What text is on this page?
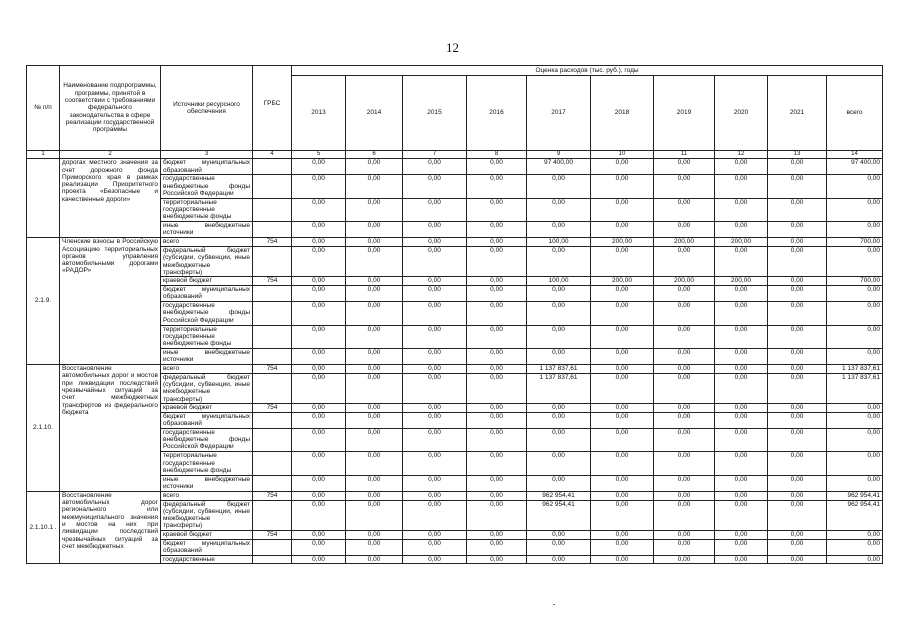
12
№ п/п	Наименование подпрограммы, программы, принятой в соответствии с требованиями федерального законодательства в сфере реализации государственной программы	Источники ресурсного обеспечения	ГРБС	Оценка расходов (тыс. руб.), годы									
				2013	2014	2015	2016	2017	2018	2019	2020	2021	всего
1	2	3	4	5	6	7	8	9	10	11	12	13	14
	дорогах местного значения за счет дорожного фонда Приморского края в рамках реализации Приоритетного проекта «Безопасные и качественные дороги»	бюджет муниципальных образований		0,00	0,00	0,00	0,00	97 400,00	0,00	0,00	0,00	0,00	97 400,00
		государственные внебюджетные фонды Российской Федерации		0,00	0,00	0,00	0,00	0,00	0,00	0,00	0,00	0,00	0,00
		территориальные государственные внебюджетные фонды		0,00	0,00	0,00	0,00	0,00	0,00	0,00	0,00	0,00	0,00
		иные внебюджетные источники		0,00	0,00	0,00	0,00	0,00	0,00	0,00	0,00	0,00	0,00
2.1.9.	Членские взносы в Российскую Ассоциацию территориальных органов управления автомобильными дорогами «РАДОР»	всего	754	0,00	0,00	0,00	0,00	100,00	200,00	200,00	200,00	0,00	700,00
		федеральный бюджет (субсидии, субвенции, иные межбюджетные трансферты)		0,00	0,00	0,00	0,00	0,00	0,00	0,00	0,00	0,00	0,00
		краевой бюджет	754	0,00	0,00	0,00	0,00	100,00	200,00	200,00	200,00	0,00	700,00
		бюджет муниципальных образований		0,00	0,00	0,00	0,00	0,00	0,00	0,00	0,00	0,00	0,00
		государственные внебюджетные фонды Российской Федерации		0,00	0,00	0,00	0,00	0,00	0,00	0,00	0,00	0,00	0,00
		территориальные государственные внебюджетные фонды		0,00	0,00	0,00	0,00	0,00	0,00	0,00	0,00	0,00	0,00
		иные внебюджетные источники		0,00	0,00	0,00	0,00	0,00	0,00	0,00	0,00	0,00	0,00
2.1.10.	Восстановление автомобильных дорог и мостов при ликвидации последствий чрезвычайных ситуаций за счет межбюджетных трансфертов из федерального бюджета	всего	754	0,00	0,00	0,00	0,00	1 137 837,61	0,00	0,00	0,00	0,00	1 137 837,61
		федеральный бюджет (субсидии, субвенции, иные межбюджетные трансферты)		0,00	0,00	0,00	0,00	1 137 837,61	0,00	0,00	0,00	0,00	1 137 837,61
		краевой бюджет	754	0,00	0,00	0,00	0,00	0,00	0,00	0,00	0,00	0,00	0,00
		бюджет муниципальных образований		0,00	0,00	0,00	0,00	0,00	0,00	0,00	0,00	0,00	0,00
		государственные внебюджетные фонды Российской Федерации		0,00	0,00	0,00	0,00	0,00	0,00	0,00	0,00	0,00	0,00
		территориальные государственные внебюджетные фонды		0,00	0,00	0,00	0,00	0,00	0,00	0,00	0,00	0,00	0,00
		иные внебюджетные источники		0,00	0,00	0,00	0,00	0,00	0,00	0,00	0,00	0,00	0,00
2.1.10.1 .	Восстановление автомобильных дорог регионального или межмуниципального значения и мостов на них при ликвидации последствий чрезвычайных ситуаций за счет межбюджетных	всего	754	0,00	0,00	0,00	0,00	962 954,41	0,00	0,00	0,00	0,00	962 954,41
		федеральный бюджет (субсидии, субвенции, иные межбюджетные трансферты)		0,00	0,00	0,00	0,00	962 954,41	0,00	0,00	0,00	0,00	962 954,41
		краевой бюджет	754	0,00	0,00	0,00	0,00	0,00	0,00	0,00	0,00	0,00	0,00
		бюджет муниципальных образований		0,00	0,00	0,00	0,00	0,00	0,00	0,00	0,00	0,00	0,00
		государственные		0,00	0,00	0,00	0,00	0,00	0,00	0,00	0,00	0,00	0,00
